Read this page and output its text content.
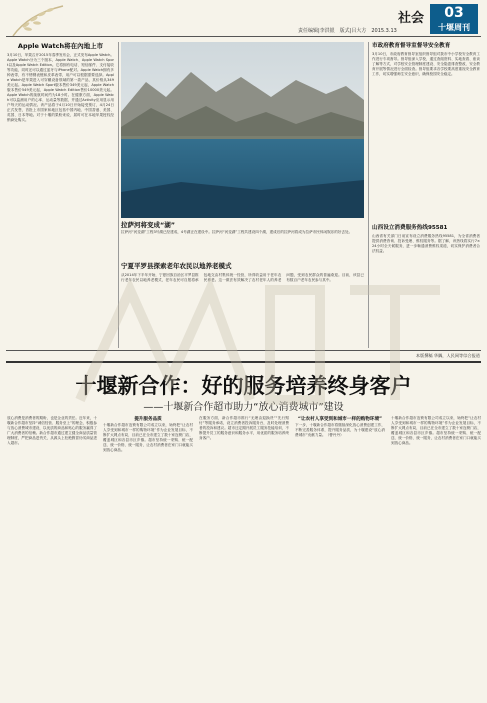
社会	03
十堰周刊
责任编辑|李洪银　版式|吕大方　2015.3.13
Apple Watch将在內地上市
3月10日，苹果召开2015年春季发布会，正式发布Apple Watch。Apple Watch分为三个版本，Apple Watch、Apple Watch Sport以及Apple Watch Edition。它将拥有电话、短信邮件、支付接收等功能，同时还可以通过蓝牙与iPhone配对。Apple Watch拥有多种表带，有不锈钢表链和皮革表带，用户可以根据需要选择。Apple Watch是苹果进入可穿戴设备领域的第一款产品，其价格从349美元起。Apple Watch Sport版本售价349美元起，Apple Watch版本售价549美元起，Apple Watch Edition售价10000美元起。Apple Watch的续航时间约为18小时。在健康方面，Apple Watch可以监测用户的心率、运动量等数据，并通过Activity应用显示用户每天的运动情况。该产品将于4月10日开始接受预订，4月24日正式发售，首批上市国家和地区包括中国内地、中国香港、美国、英国、日本等地。对于十堰的果粉来说，届时可在本地苹果授权经销商处购买。
拉萨河将变成“湖”
拉萨河“河变湖”工程3号湖已经建成，4号湖正在建设中。拉萨河“河变湖”工程共建设四个湖，建成后的拉萨河将成为拉萨市民休闲娱乐的好去处。
宁夏平罗县探索老年农民以地养老模式
从2014年下半年开始，宁夏回族自治区平罗县推行老年农民以地养老模式，老年农民可自愿将承包地交由村集体统一经营，所得收益用于老年农民养老。这一做法有效解决了农村老年人的养老问题，受到农民群众的普遍欢迎。目前，该县已有数百户老年农民参与其中。
市政府教育督导室督导安全教育
3月10日，市政府教育督导室组织督导组对我市中小学校安全教育工作进行专项督导。督导组深入学校，通过查阅资料、实地查看、座谈了解等方式，对学校安全管理制度建设、安全隐患排查整改、安全教育开展等情况进行全面检查。督导组要求各学校要高度重视安全教育工作，切实增强师生安全意识，确保校园安全稳定。
山西设立消费服务热线95581
山西省有关部门日前宣布设立消费服务热线95581，为全省消费者提供消费咨询、投诉受理、维权服务等。据了解，该热线将实行7×24小时全天候服务，进一步畅通消费维权渠道，切实保护消费者合法权益。
本版撰稿 华隅，人民网等综合报道
十堰新合作：好的服务培养终身客户
——十堰新合作超市助力“放心消费城市”建设
放心消费是消费者的期盼，也是企业的责任。近年来，十堰新合作超市坚持“诚信经营、服务至上”的理念，积极参与放心消费城市建设，以优质的商品和贴心的服务赢得了广大消费者的信赖。新合作超市通过建立健全商品质量管理制度，严把商品进货关，从源头上杜绝假冒伪劣商品进入超市。
提升服务品质
十堰新合作超市连锁有限公司成立以来，始终把“让农村人享受到和城市一样的购物环境”作为企业发展目标，不断扩大网点布局，目前已在全市建立了数十家连锁门店，覆盖城区和各县市区乡镇。超市坚持统一采购、统一配送、统一价格、统一服务，让农村消费者在家门口就能买到放心商品。
在服务方面，新合作超市推行“无理由退换货”“先行赔付”等服务承诺，设立消费者投诉服务台，及时处理消费者的投诉和建议。超市还定期开展员工服务技能培训，不断提升员工的服务意识和服务水平，用优质的服务培养终身客户。
“让农村人享受到和城市一样的购物环境”
下一步，十堰新合作超市将继续深化放心消费创建工作，不断完善服务体系，提升服务品质，为十堰建设“放心消费城市”贡献力量。（曹丹丹）
十堰新合作超市连锁有限公司成立以来，始终把“让农村人享受到和城市一样的购物环境”作为企业发展目标，不断扩大网点布局，目前已在全市建立了数十家连锁门店，覆盖城区和各县市区乡镇。超市坚持统一采购、统一配送、统一价格、统一服务，让农村消费者在家门口就能买到放心商品。
